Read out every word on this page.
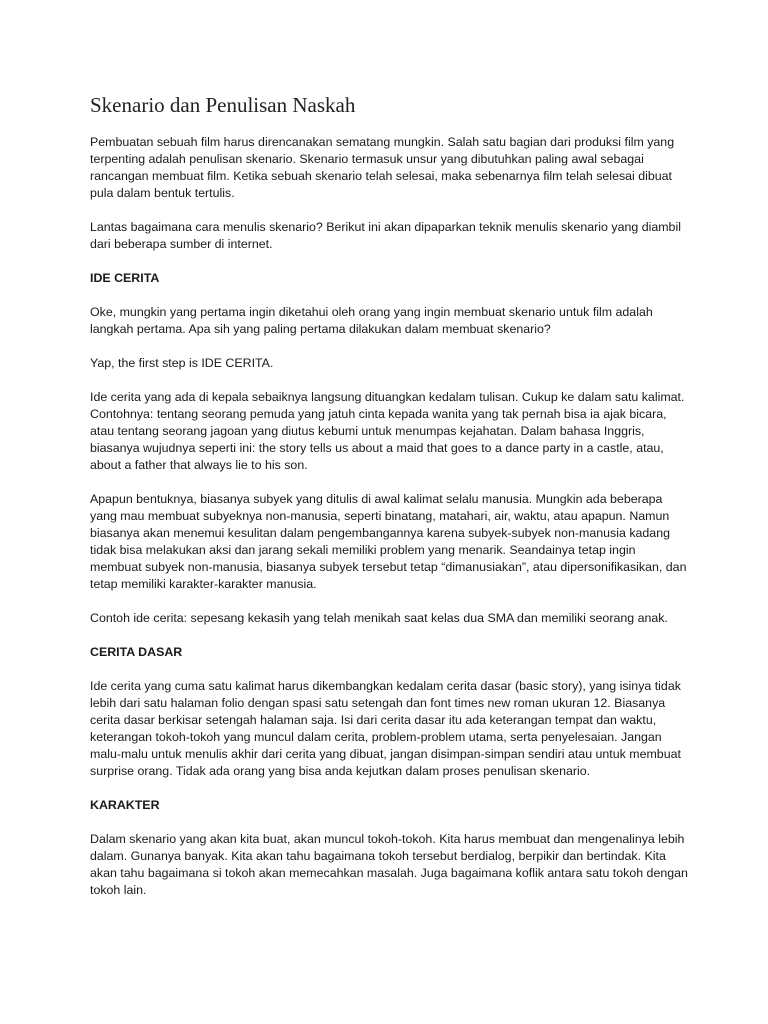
Skenario dan Penulisan Naskah

Pembuatan sebuah film harus direncanakan sematang mungkin. Salah satu bagian dari produksi film yang terpenting adalah penulisan skenario. Skenario termasuk unsur yang dibutuhkan paling awal sebagai rancangan membuat film. Ketika sebuah skenario telah selesai, maka sebenarnya film telah selesai dibuat pula dalam bentuk tertulis.

Lantas bagaimana cara menulis skenario? Berikut ini akan dipaparkan teknik menulis skenario yang diambil dari beberapa sumber di internet.

IDE CERITA

Oke, mungkin yang pertama ingin diketahui oleh orang yang ingin membuat skenario untuk film adalah langkah pertama. Apa sih yang paling pertama dilakukan dalam membuat skenario?

Yap, the first step is IDE CERITA.

Ide cerita yang ada di kepala sebaiknya langsung dituangkan kedalam tulisan. Cukup ke dalam satu kalimat. Contohnya: tentang seorang pemuda yang jatuh cinta kepada wanita yang tak pernah bisa ia ajak bicara, atau tentang seorang jagoan yang diutus kebumi untuk menumpas kejahatan. Dalam bahasa Inggris, biasanya wujudnya seperti ini: the story tells us about a maid that goes to a dance party in a castle, atau, about a father that always lie to his son.

Apapun bentuknya, biasanya subyek yang ditulis di awal kalimat selalu manusia. Mungkin ada beberapa yang mau membuat subyeknya non-manusia, seperti binatang, matahari, air, waktu, atau apapun. Namun biasanya akan menemui kesulitan dalam pengembangannya karena subyek-subyek non-manusia kadang tidak bisa melakukan aksi dan jarang sekali memiliki problem yang menarik. Seandainya tetap ingin membuat subyek non-manusia, biasanya subyek tersebut tetap “dimanusiakan”, atau dipersonifikasikan, dan tetap memiliki karakter-karakter manusia.

Contoh ide cerita: sepesang kekasih yang telah menikah saat kelas dua SMA dan memiliki seorang anak.

CERITA DASAR

Ide cerita yang cuma satu kalimat harus dikembangkan kedalam cerita dasar (basic story), yang isinya tidak lebih dari satu halaman folio dengan spasi satu setengah dan font times new roman ukuran 12. Biasanya cerita dasar berkisar setengah halaman saja. Isi dari cerita dasar itu ada keterangan tempat dan waktu, keterangan tokoh-tokoh yang muncul dalam cerita, problem-problem utama, serta penyelesaian. Jangan malu-malu untuk menulis akhir dari cerita yang dibuat, jangan disimpan-simpan sendiri atau untuk membuat surprise orang. Tidak ada orang yang bisa anda kejutkan dalam proses penulisan skenario.

KARAKTER

Dalam skenario yang akan kita buat, akan muncul tokoh-tokoh. Kita harus membuat dan mengenalinya lebih dalam. Gunanya banyak. Kita akan tahu bagaimana tokoh tersebut berdialog, berpikir dan bertindak. Kita akan tahu bagaimana si tokoh akan memecahkan masalah. Juga bagaimana koflik antara satu tokoh dengan tokoh lain.
